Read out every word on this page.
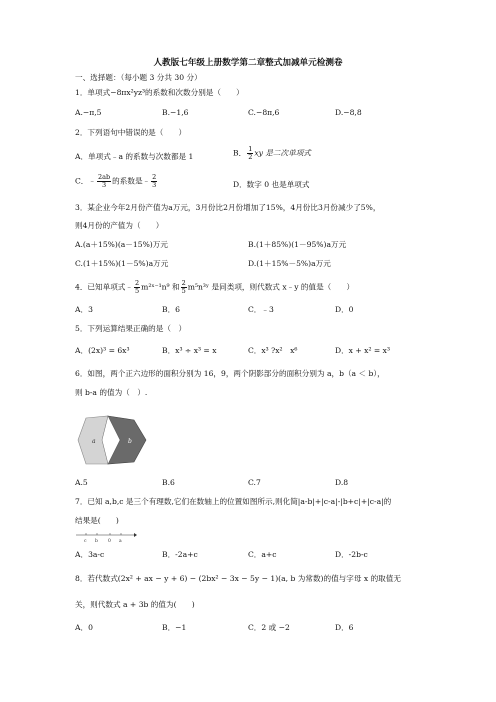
人教版七年级上册数学第二章整式加减单元检测卷
一、选择题：（每小题 3 分共 30 分）
1．单项式−8πx²yz³的系数和次数分别是（　　）
A.−π,5	B.−1,6	C.−8π,6	D.−8,8
2．下列语句中错误的是（　　）
A．单项式﹣a 的系数与次数都是 1	B． $\frac{1}{2}$ xy 是二次单项式
C．﹣ $\frac{2ab}{3}$ 的系数是﹣ $\frac{2}{3}$	D．数字 0 也是单项式
3．某企业今年2月份产值为a万元，3月份比2月份增加了15%，4月份比3月份减少了5%，
则4月份的产值为（　　）
A.(a＋15%)(a－15%)万元	B.(1＋85%)(1－95%)a万元
C.(1＋15%)(1－5%)a万元	D.(1＋15%－5%)a万元
4．已知单项式﹣ $\frac{2}{5}$ m²ˣ⁻¹n⁹ 和 $\frac{2}{5}$ m⁵n³ʸ 是同类项，则代数式 x﹣y 的值是（　　）
A．3	B．6	C．﹣3	D．0
5．下列运算结果正确的是（　）
A．(2x)³ = 6x³	B．x³ ÷ x³ = x	C．x³ ?x²　x⁶	D．x + x² = x³
6．如图，两个正六边形的面积分别为 16，9，两个阴影部分的面积分别为 a，b（a ＜ b），
则 b-a 的值为（　）.
a	b
A.5	B.6	C.7	D.8
7．已知 a,b,c 是三个有理数,它们在数轴上的位置如图所示,则化简|a-b|+|c-a|-|b+c|+|c-a|的
结果是(　　)
c b 0 a
A．3a-c	B．-2a+c	C．a+c	D．-2b-c
8．若代数式(2x² + ax − y + 6) − (2bx² − 3x − 5y − 1)(a, b 为常数)的值与字母 x 的取值无
关，则代数式 a + 3b 的值为(　　)
A．0	B．−1	C．2 或 −2	D．6
